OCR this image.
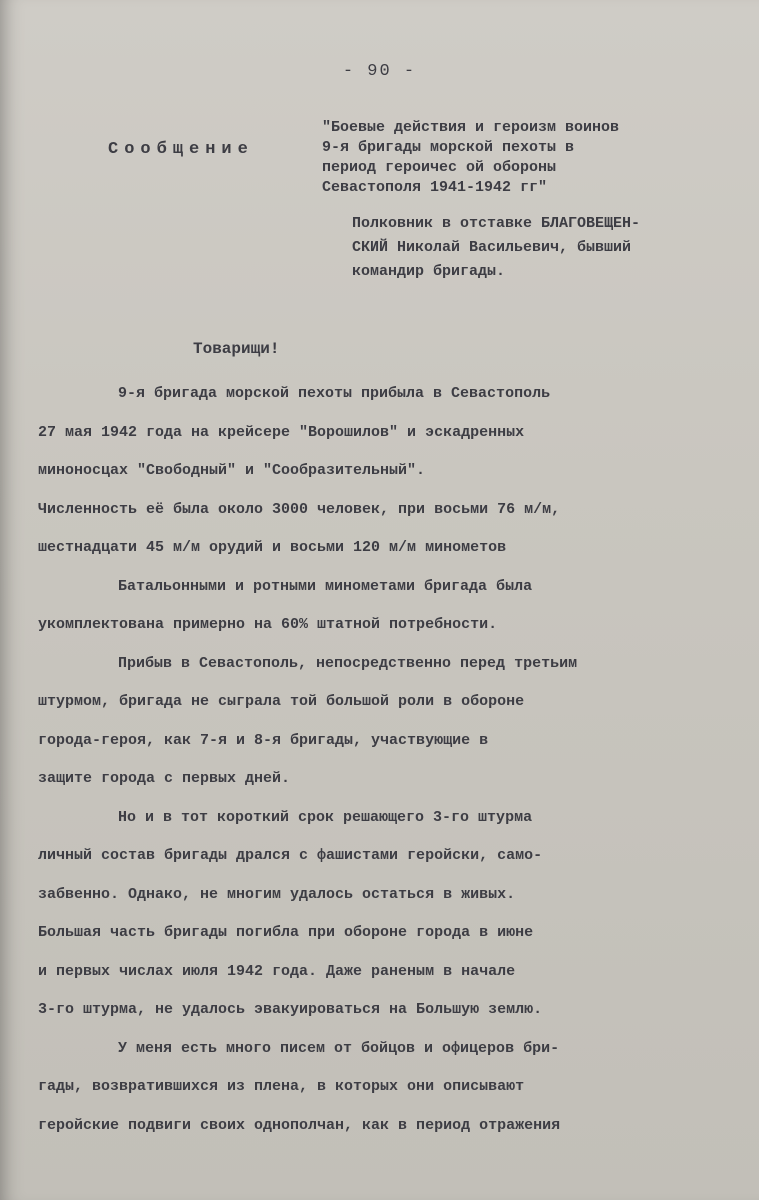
- 90 -
Сообщение
"Боевые действия и героизм воинов
9-я бригады морской пехоты в
период героичес ой обороны
Севастополя 1941-1942 гг"
Полковник в отставке БЛАГОВЕЩЕН-
СКИЙ Николай Васильевич, бывший
командир бригады.
Товарищи!
9-я бригада морской пехоты прибыла в Севастополь
27 мая 1942 года на крейсере "Ворошилов" и эскадренных
миноносцах "Свободный" и "Сообразительный".
Численность её была около 3000 человек, при восьми 76 м/м,
шестнадцати 45 м/м орудий и восьми 120 м/м минометов
Батальонными и ротными минометами бригада была
укомплектована примерно на 60% штатной потребности.
Прибыв в Севастополь, непосредственно перед третьим
штурмом, бригада не сыграла той большой роли в обороне
города-героя, как 7-я и 8-я бригады, участвующие в
защите города с первых дней.
Но и в тот короткий срок решающего 3-го штурма
личный состав бригады дрался с фашистами геройски, само-
забвенно. Однако, не многим удалось остаться в живых.
Большая часть бригады погибла при обороне города в июне
и первых числах июля 1942 года. Даже раненым в начале
3-го штурма, не удалось эвакуироваться на Большую землю.
У меня есть много писем от бойцов и офицеров бри-
гады, возвратившихся из плена, в которых они описывают
геройские подвиги своих однополчан, как в период отражения
